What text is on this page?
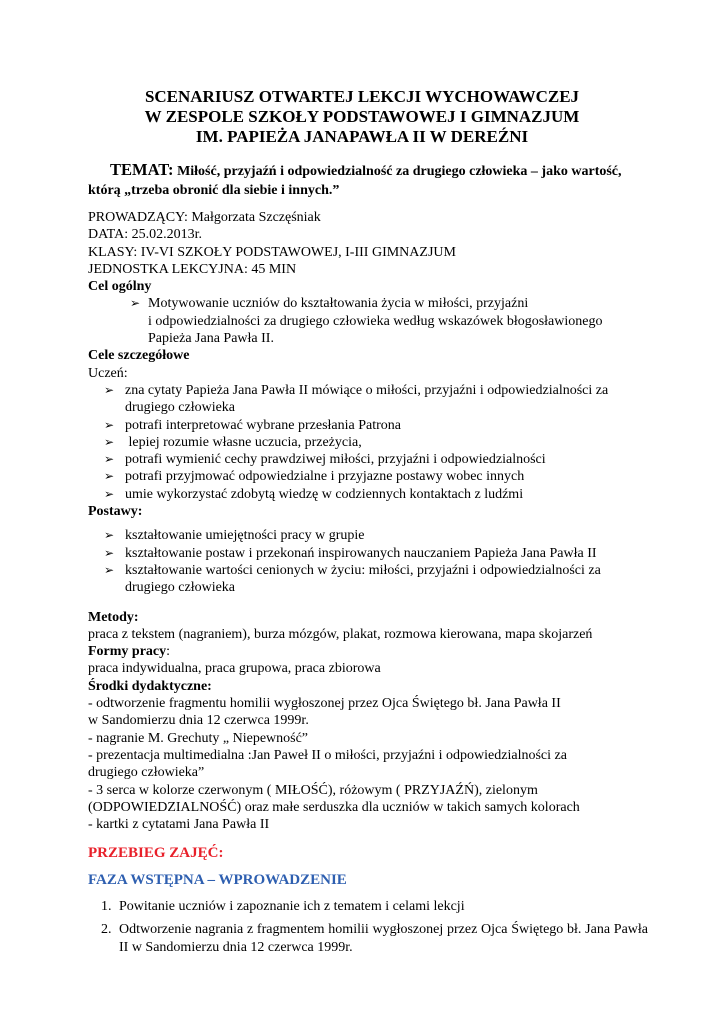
SCENARIUSZ OTWARTEJ LEKCJI WYCHOWAWCZEJ
W ZESPOLE SZKOŁY PODSTAWOWEJ I GIMNAZJUM
IM. PAPIEŻA JANAPAWŁA II W DEREŹNI
TEMAT: Miłość, przyjaźń i odpowiedzialność za drugiego człowieka – jako wartość,
którą „trzeba obronić dla siebie i innych.”
PROWADZĄCY: Małgorzata Szczęśniak
DATA: 25.02.2013r.
KLASY: IV-VI SZKOŁY PODSTAWOWEJ, I-III GIMNAZJUM
JEDNOSTKA LEKCYJNA: 45 MIN
Cel ogólny
➢ Motywowanie uczniów do kształtowania życia w miłości, przyjaźni
i odpowiedzialności za drugiego człowieka według wskazówek błogosławionego
Papieża Jana Pawła II.
Cele szczegółowe
Uczeń:
➢ zna cytaty Papieża Jana Pawła II mówiące o miłości, przyjaźni i odpowiedzialności za
drugiego człowieka
➢ potrafi interpretować wybrane przesłania Patrona
➢ lepiej rozumie własne uczucia, przeżycia,
➢ potrafi wymienić cechy prawdziwej miłości, przyjaźni i odpowiedzialności
➢ potrafi przyjmować odpowiedzialne i przyjazne postawy wobec innych
➢ umie wykorzystać zdobytą wiedzę w codziennych kontaktach z ludźmi
Postawy:
➢ kształtowanie umiejętności pracy w grupie
➢ kształtowanie postaw i przekonań inspirowanych nauczaniem Papieża Jana Pawła II
➢ kształtowanie wartości cenionych w życiu: miłości, przyjaźni i odpowiedzialności za
drugiego człowieka
Metody:
praca z tekstem (nagraniem), burza mózgów, plakat, rozmowa kierowana, mapa skojarzeń
Formy pracy:
praca indywidualna, praca grupowa, praca zbiorowa
Środki dydaktyczne:
- odtworzenie fragmentu homilii wygłoszonej przez Ojca Świętego bł. Jana Pawła II
w Sandomierzu dnia 12 czerwca 1999r.
- nagranie M. Grechuty „ Niepewność”
- prezentacja multimedialna :Jan Paweł II o miłości, przyjaźni i odpowiedzialności za
drugiego człowieka”
- 3 serca w kolorze czerwonym ( MIŁOŚĆ), różowym ( PRZYJAŹŃ), zielonym
(ODPOWIEDZIALNOŚĆ) oraz małe serduszka dla uczniów w takich samych kolorach
- kartki z cytatami Jana Pawła II
PRZEBIEG ZAJĘĆ:
FAZA WSTĘPNA – WPROWADZENIE
1. Powitanie uczniów i zapoznanie ich z tematem i celami lekcji
2. Odtworzenie nagrania z fragmentem homilii wygłoszonej przez Ojca Świętego bł. Jana Pawła II w Sandomierzu dnia 12 czerwca 1999r.
